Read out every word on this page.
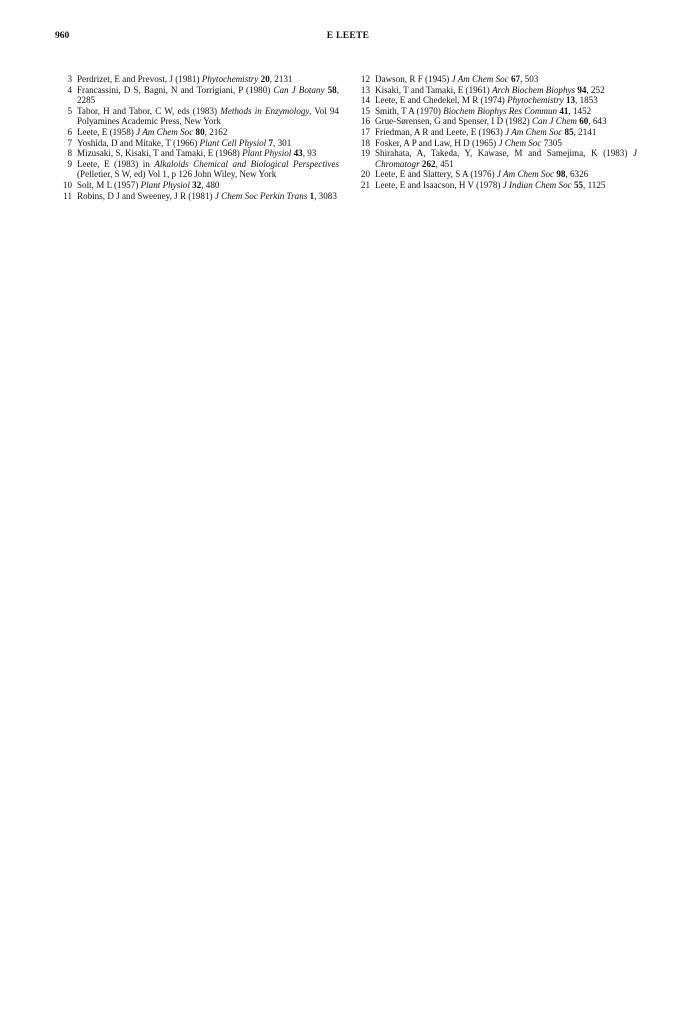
960	E LEETE
3 Perdrizet, E and Prevost, J (1981) Phytochemistry 20, 2131
4 Francassini, D S, Bagni, N and Torrigiani, P (1980) Can J Botany 58, 2285
5 Tabor, H and Tabor, C W, eds (1983) Methods in Enzymology, Vol 94 Polyamines Academic Press, New York
6 Leete, E (1958) J Am Chem Soc 80, 2162
7 Yoshida, D and Mitake, T (1966) Plant Cell Physiol 7, 301
8 Mizusaki, S, Kisaki, T and Tamaki, E (1968) Plant Physiol 43, 93
9 Leete, E (1983) in Alkaloids Chemical and Biological Perspectives (Pelletier, S W, ed) Vol 1, p 126 John Wiley, New York
10 Solt, M L (1957) Plant Physiol 32, 480
11 Robins, D J and Sweeney, J R (1981) J Chem Soc Perkin Trans 1, 3083
12 Dawson, R F (1945) J Am Chem Soc 67, 503
13 Kisaki, T and Tamaki, E (1961) Arch Biochem Biophys 94, 252
14 Leete, E and Chedekel, M R (1974) Phytochemistry 13, 1853
15 Smith, T A (1970) Biochem Biophys Res Commun 41, 1452
16 Grue-Sørensen, G and Spenser, I D (1982) Can J Chem 60, 643
17 Friedman, A R and Leete, E (1963) J Am Chem Soc 85, 2141
18 Fosker, A P and Law, H D (1965) J Chem Soc 7305
19 Shirahata, A, Takeda, Y, Kawase, M and Samejima, K (1983) J Chromatogr 262, 451
20 Leete, E and Slattery, S A (1976) J Am Chem Soc 98, 6326
21 Leete, E and Isaacson, H V (1978) J Indian Chem Soc 55, 1125
